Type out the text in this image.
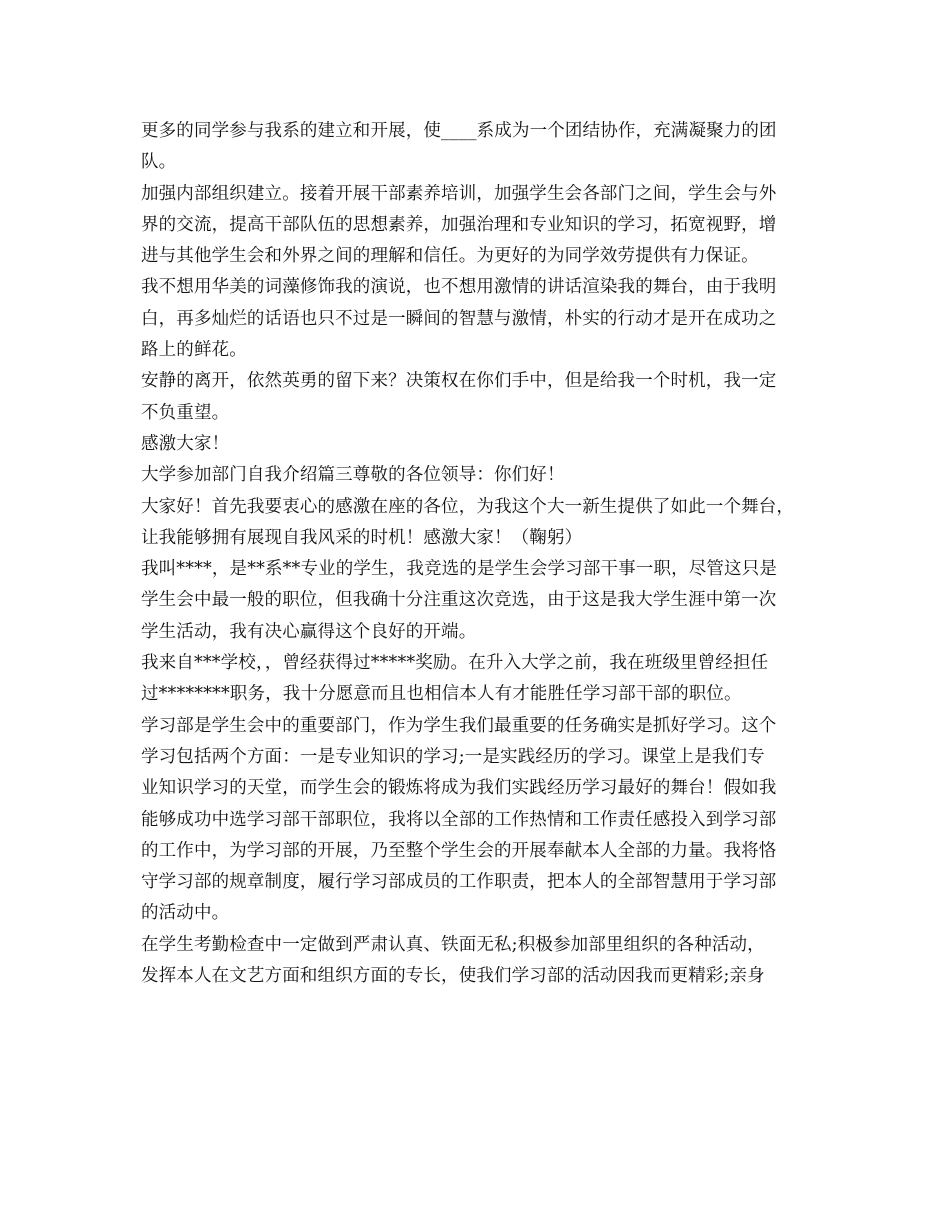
更多的同学参与我系的建立和开展，使____系成为一个团结协作，充满凝聚力的团
队。
加强内部组织建立。接着开展干部素养培训，加强学生会各部门之间，学生会与外
界的交流，提高干部队伍的思想素养，加强治理和专业知识的学习，拓宽视野，增
进与其他学生会和外界之间的理解和信任。为更好的为同学效劳提供有力保证。
我不想用华美的词藻修饰我的演说，也不想用激情的讲话渲染我的舞台，由于我明
白，再多灿烂的话语也只不过是一瞬间的智慧与激情，朴实的行动才是开在成功之
路上的鲜花。
安静的离开，依然英勇的留下来？决策权在你们手中，但是给我一个时机，我一定
不负重望。
感激大家！
大学参加部门自我介绍篇三尊敬的各位领导：你们好！
大家好！首先我要衷心的感激在座的各位，为我这个大一新生提供了如此一个舞台，
让我能够拥有展现自我风采的时机！感激大家！（鞠躬）
我叫****，是**系**专业的学生，我竞选的是学生会学习部干事一职，尽管这只是
学生会中最一般的职位，但我确十分注重这次竞选，由于这是我大学生涯中第一次
学生活动，我有决心赢得这个良好的开端。
我来自***学校，，曾经获得过*****奖励。在升入大学之前，我在班级里曾经担任
过********职务，我十分愿意而且也相信本人有才能胜任学习部干部的职位。
学习部是学生会中的重要部门，作为学生我们最重要的任务确实是抓好学习。这个
学习包括两个方面：一是专业知识的学习;一是实践经历的学习。课堂上是我们专
业知识学习的天堂，而学生会的锻炼将成为我们实践经历学习最好的舞台！假如我
能够成功中选学习部干部职位，我将以全部的工作热情和工作责任感投入到学习部
的工作中，为学习部的开展，乃至整个学生会的开展奉献本人全部的力量。我将恪
守学习部的规章制度，履行学习部成员的工作职责，把本人的全部智慧用于学习部
的活动中。
在学生考勤检查中一定做到严肃认真、铁面无私;积极参加部里组织的各种活动，
发挥本人在文艺方面和组织方面的专长，使我们学习部的活动因我而更精彩;亲身
